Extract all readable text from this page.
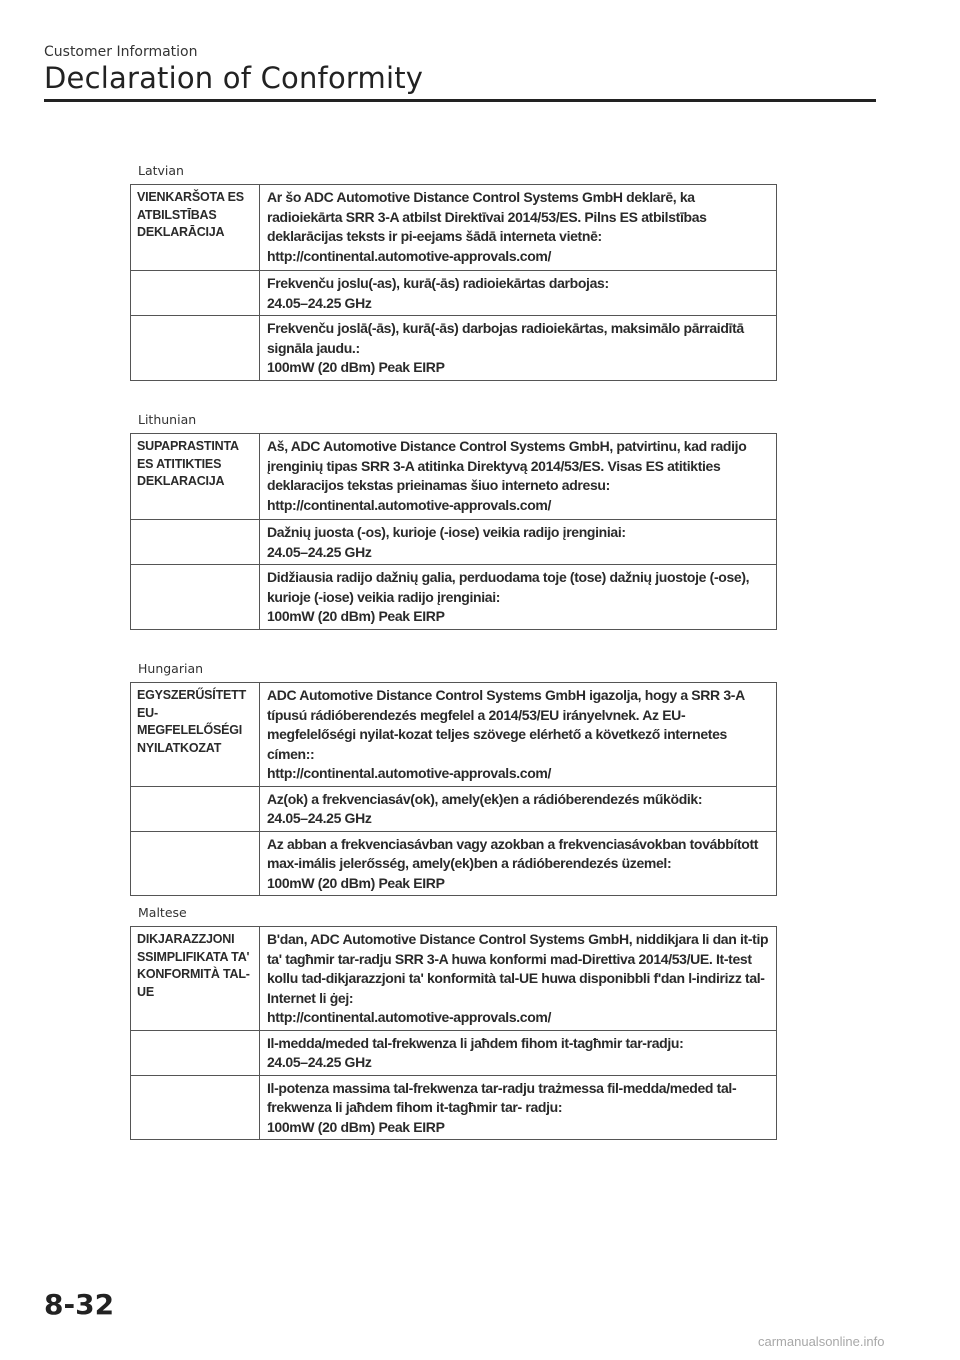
Customer Information
Declaration of Conformity
Latvian
VIENKARŠOTA ES ATBILSTĪBAS DEKLARĀCIJA	Ar šo ADC Automotive Distance Control Systems GmbH deklarē, ka radioiekārta SRR 3-A atbilst Direktīvai 2014/53/ES. Pilns ES atbilstības deklarācijas teksts ir pi-eejams šādā interneta vietnē:
http://continental.automotive-approvals.com/

	Frekvenču joslu(-as), kurā(-ās) radioiekārtas darbojas:
24.05–24.25 GHz

	Frekvenču joslā(-ās), kurā(-ās) darbojas radioiekārtas, maksimālo pārraidītā signāla jaudu.:
100mW (20 dBm) Peak EIRP
Lithunian
SUPAPRASTINTA ES ATITIKTIES DEKLARACIJA	Aš, ADC Automotive Distance Control Systems GmbH, patvirtinu, kad radijo įrenginių tipas SRR 3-A atitinka Direktyvą 2014/53/ES. Visas ES atitikties deklaracijos tekstas prieinamas šiuo interneto adresu:
http://continental.automotive-approvals.com/

	Dažnių juosta (-os), kurioje (-iose) veikia radijo įrenginiai:
24.05–24.25 GHz

	Didžiausia radijo dažnių galia, perduodama toje (tose) dažnių juostoje (-ose), kurioje (-iose) veikia radijo įrenginiai:
100mW (20 dBm) Peak EIRP
Hungarian
EGYSZERŰSÍTETT EU-MEGFELELŐSÉGI NYILATKOZAT	ADC Automotive Distance Control Systems GmbH igazolja, hogy a SRR 3-A típusú rádióberendezés megfelel a 2014/53/EU irányelvnek. Az EU-megfelelőségi nyilat-kozat teljes szövege elérhető a következő internetes címen::
http://continental.automotive-approvals.com/

	Az(ok) a frekvenciasáv(ok), amely(ek)en a rádióberendezés működik:
24.05–24.25 GHz

	Az abban a frekvenciasávban vagy azokban a frekvenciasávokban továbbított max-imális jelerősség, amely(ek)ben a rádióberendezés üzemel:
100mW (20 dBm) Peak EIRP
Maltese
DIKJARAZZJONI SSIMPLIFIKATA TA' KONFORMITÀ TAL-UE	B'dan, ADC Automotive Distance Control Systems GmbH, niddikjara li dan it-tip ta' tagħmir tar-radju SRR 3-A huwa konformi mad-Direttiva 2014/53/UE. It-test kollu tad-dikjarazzjoni ta' konformità tal-UE huwa disponibbli f'dan l-indirizz tal-Internet li ġej:
http://continental.automotive-approvals.com/

	Il-medda/meded tal-frekwenza li jaħdem fihom it-tagħmir tar-radju:
24.05–24.25 GHz

	Il-potenza massima tal-frekwenza tar-radju trażmessa fil-medda/meded tal-frekwenza li jaħdem fihom it-tagħmir tar- radju:
100mW (20 dBm) Peak EIRP
8-32
carmanualsonline.info
